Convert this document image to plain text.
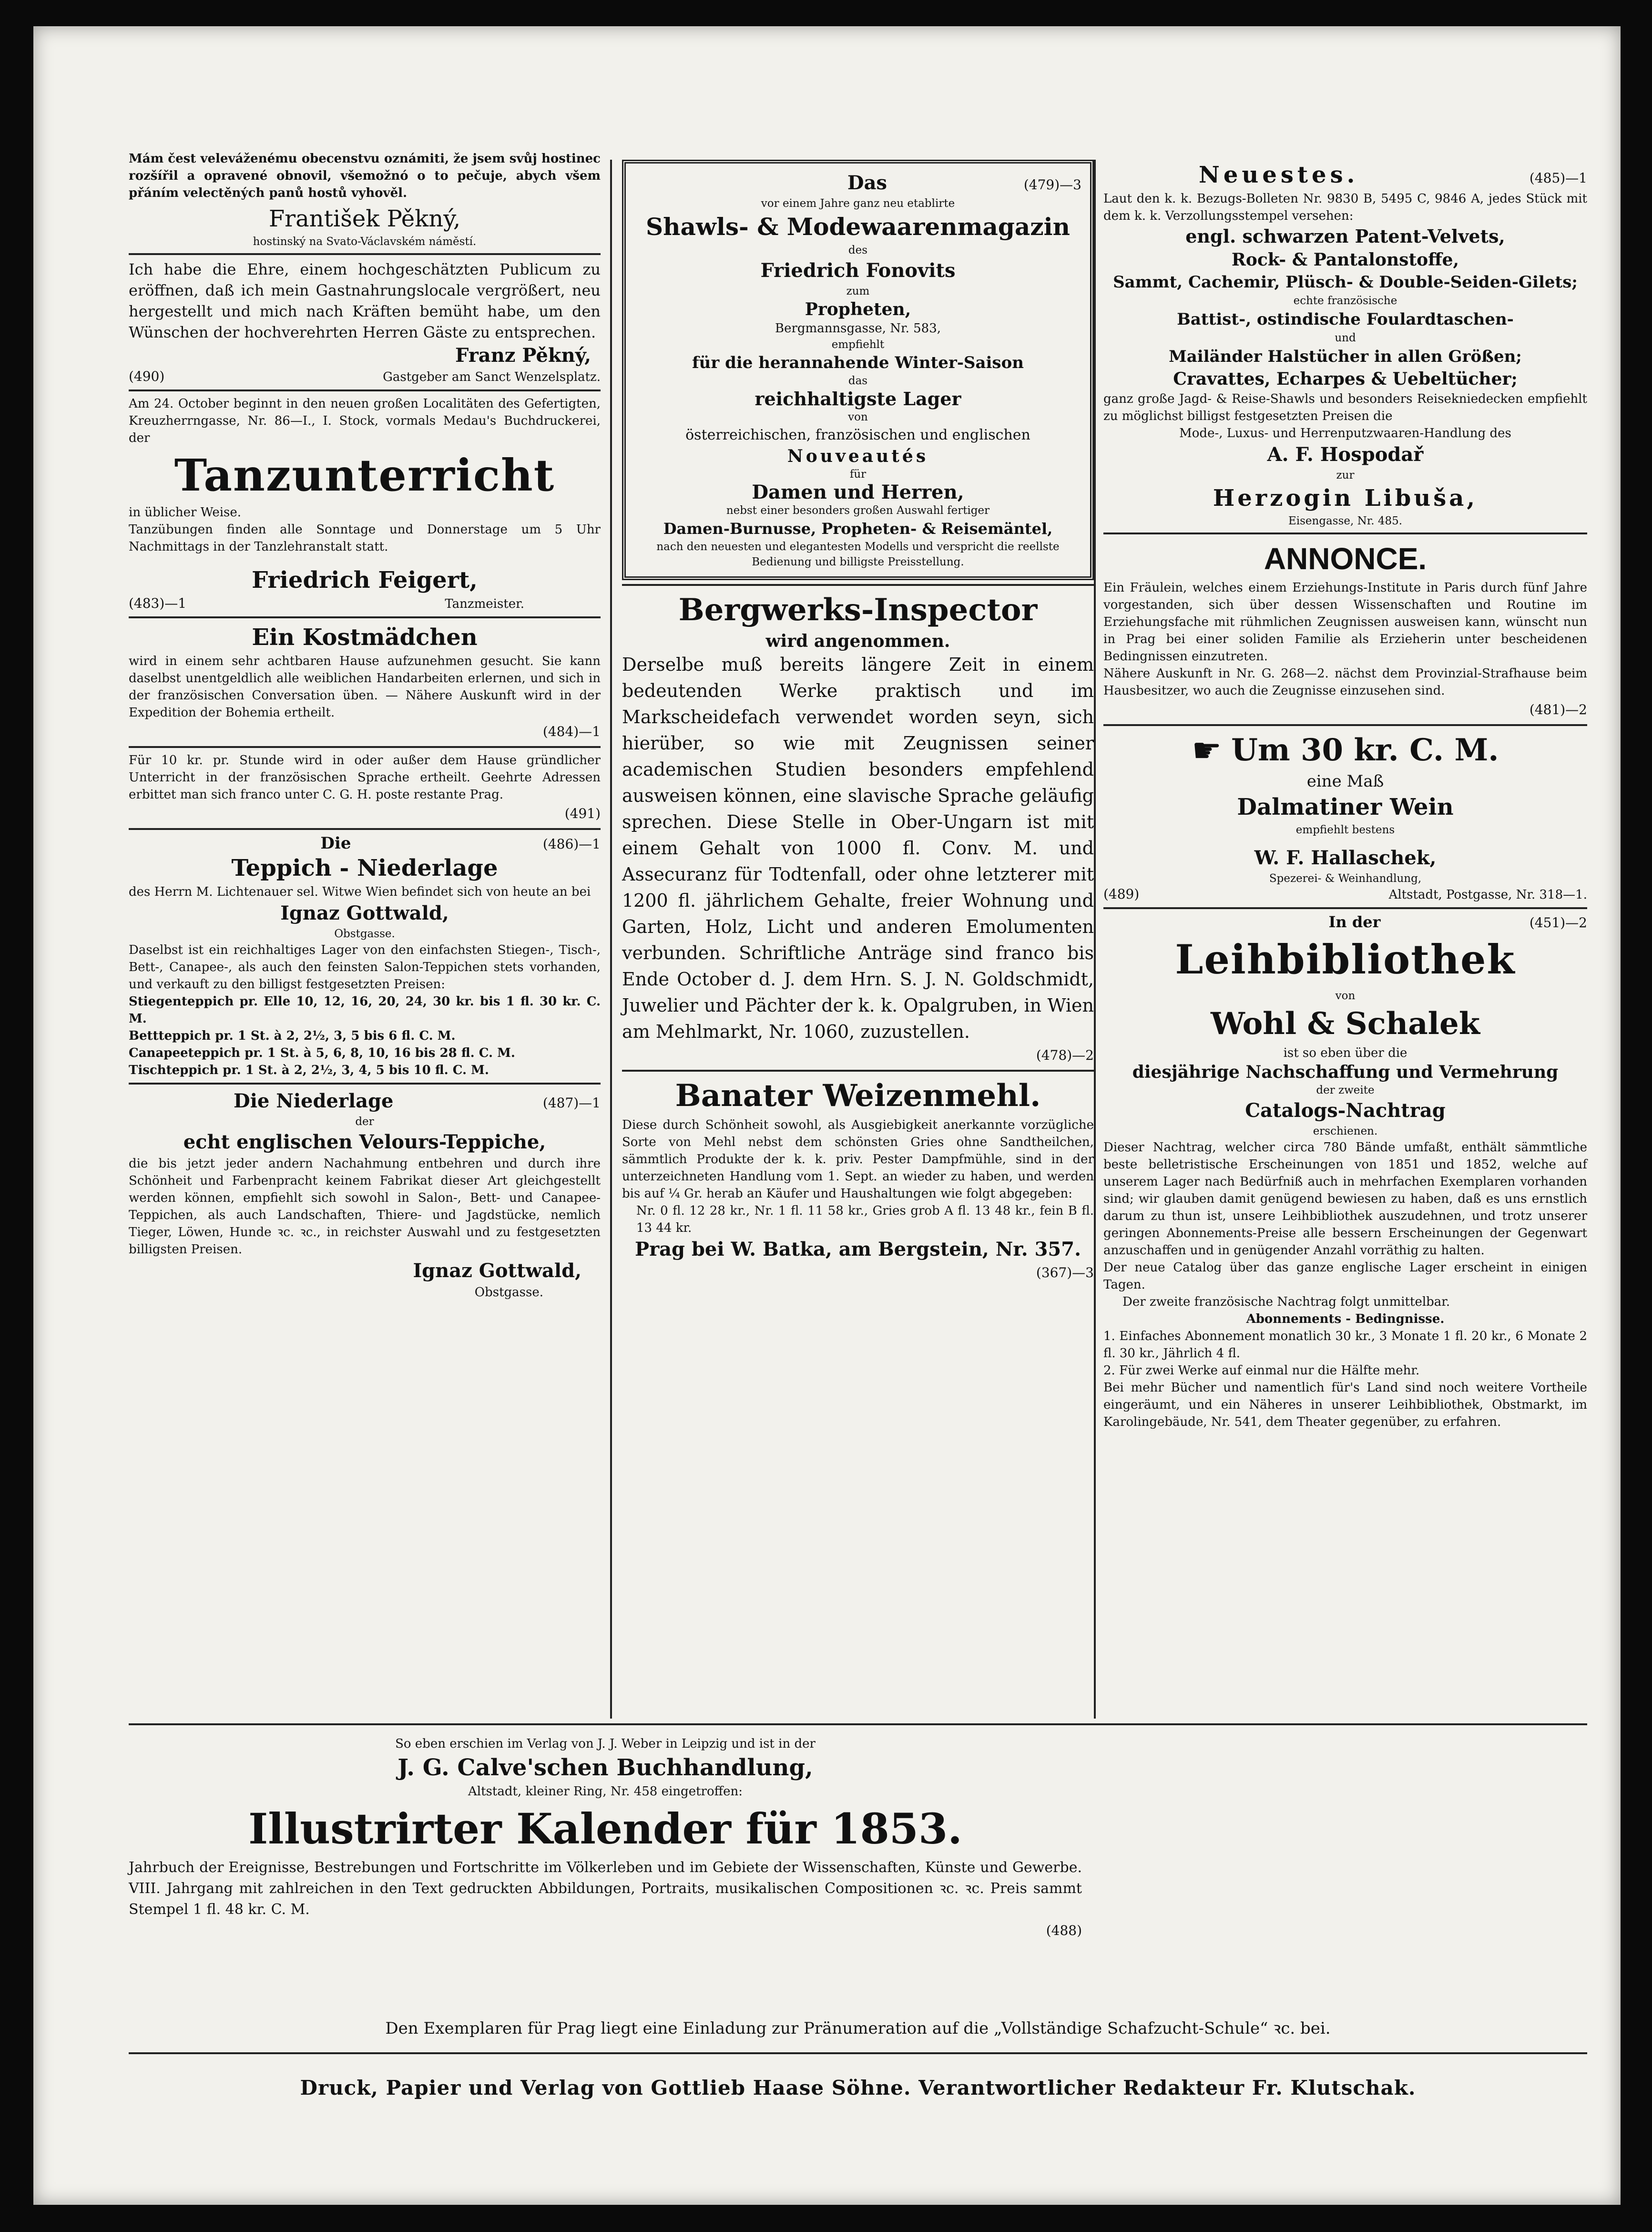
Mám čest veleváženému obecenstvu oznámiti, že jsem svůj hostinec rozšířil a opravené obnovil, všemožnó o to pečuje, abych všem přáním velectěných panů hostů vyhověl.

František Pěkný,

hostinský na Svato-Václavském náměstí.

Ich habe die Ehre, einem hochgeschätzten Publicum zu eröffnen, daß ich mein Gastnahrungslocale vergrößert, neu hergestellt und mich nach Kräften bemüht habe, um den Wünschen der hochverehrten Herren Gäste zu entsprechen.

Franz Pěkný,

(490)	Gastgeber am Sanct Wenzelsplatz.

Am 24. October beginnt in den neuen großen Localitäten des Gefertigten, Kreuzherrngasse, Nr. 86—I., I. Stock, vormals Medau's Buchdruckerei, der

Tanzunterricht

in üblicher Weise.

Tanzübungen finden alle Sonntage und Donnerstage um 5 Uhr Nachmittags in der Tanzlehranstalt statt.

Friedrich Feigert,

(483)—1	Tanzmeister.

Ein Kostmädchen

wird in einem sehr achtbaren Hause aufzunehmen gesucht. Sie kann daselbst unentgeldlich alle weiblichen Handarbeiten erlernen, und sich in der französischen Conversation üben. — Nähere Auskunft wird in der Expedition der Bohemia ertheilt.

(484)—1

Für 10 kr. pr. Stunde wird in oder außer dem Hause gründlicher Unterricht in der französischen Sprache ertheilt. Geehrte Adressen erbittet man sich franco unter C. G. H. poste restante Prag.

(491)

Die	(486)—1

Teppich - Niederlage

des Herrn M. Lichtenauer sel. Witwe Wien befindet sich von heute an bei

Ignaz Gottwald,

Obstgasse.

Daselbst ist ein reichhaltiges Lager von den einfachsten Stiegen-, Tisch-, Bett-, Canapee-, als auch den feinsten Salon-Teppichen stets vorhanden, und verkauft zu den billigst festgesetzten Preisen:

Stiegenteppich pr. Elle 10, 12, 16, 20, 24, 30 kr. bis 1 fl. 30 kr. C. M.

Bettteppich pr. 1 St. à 2, 2½, 3, 5 bis 6 fl. C. M.

Canapeeteppich pr. 1 St. à 5, 6, 8, 10, 16 bis 28 fl. C. M.

Tischteppich pr. 1 St. à 2, 2½, 3, 4, 5 bis 10 fl. C. M.

Die Niederlage	(487)—1

der

echt englischen Velours-Teppiche,

die bis jetzt jeder andern Nachahmung entbehren und durch ihre Schönheit und Farbenpracht keinem Fabrikat dieser Art gleichgestellt werden können, empfiehlt sich sowohl in Salon-, Bett- und Canapee-Teppichen, als auch Landschaften, Thiere- und Jagdstücke, nemlich Tieger, Löwen, Hunde ꝛc. ꝛc., in reichster Auswahl und zu festgesetzten billigsten Preisen.

Ignaz Gottwald,

Obstgasse.

Das	(479)—3

vor einem Jahre ganz neu etablirte

Shawls- & Modewaarenmagazin

des

Friedrich Fonovits

zum

Propheten,

Bergmannsgasse, Nr. 583,

empfiehlt

für die herannahende Winter-Saison

das

reichhaltigste Lager

von

österreichischen, französischen und englischen

Nouveautés

für

Damen und Herren,

nebst einer besonders großen Auswahl fertiger

Damen-Burnusse, Propheten- & Reisemäntel,

nach den neuesten und elegantesten Modells und verspricht die reellste Bedienung und billigste Preisstellung.

Bergwerks-Inspector

wird angenommen.

Derselbe muß bereits längere Zeit in einem bedeutenden Werke praktisch und im Markscheidefach verwendet worden seyn, sich hierüber, so wie mit Zeugnissen seiner academischen Studien besonders empfehlend ausweisen können, eine slavische Sprache geläufig sprechen. Diese Stelle in Ober-Ungarn ist mit einem Gehalt von 1000 fl. Conv. M. und Assecuranz für Todtenfall, oder ohne letzterer mit 1200 fl. jährlichem Gehalte, freier Wohnung und Garten, Holz, Licht und anderen Emolumenten verbunden. Schriftliche Anträge sind franco bis Ende October d. J. dem Hrn. S. J. N. Goldschmidt, Juwelier und Pächter der k. k. Opalgruben, in Wien am Mehlmarkt, Nr. 1060, zuzustellen.

(478)—2

Banater Weizenmehl.

Diese durch Schönheit sowohl, als Ausgiebigkeit anerkannte vorzügliche Sorte von Mehl nebst dem schönsten Gries ohne Sandtheilchen, sämmtlich Produkte der k. k. priv. Pester Dampfmühle, sind in der unterzeichneten Handlung vom 1. Sept. an wieder zu haben, und werden bis auf ¼ Gr. herab an Käufer und Haushaltungen wie folgt abgegeben:

Nr. 0 fl. 12 28 kr., Nr. 1 fl. 11 58 kr., Gries grob A fl. 13 48 kr., fein B fl. 13 44 kr.

Prag bei W. Batka, am Bergstein, Nr. 357.

(367)—3

Neuestes.	(485)—1

Laut den k. k. Bezugs-Bolleten Nr. 9830 B, 5495 C, 9846 A, jedes Stück mit dem k. k. Verzollungsstempel versehen:

engl. schwarzen Patent-Velvets,

Rock- & Pantalonstoffe,

Sammt, Cachemir, Plüsch- & Double-Seiden-Gilets;

echte französische

Battist-, ostindische Foulardtaschen-

und

Mailänder Halstücher in allen Größen;

Cravattes, Echarpes & Uebeltücher;

ganz große Jagd- & Reise-Shawls und besonders Reisekniedecken empfiehlt zu möglichst billigst festgesetzten Preisen die

Mode-, Luxus- und Herrenputzwaaren-Handlung des

A. F. Hospodař

zur

Herzogin Libuša,

Eisengasse, Nr. 485.

ANNONCE.

Ein Fräulein, welches einem Erziehungs-Institute in Paris durch fünf Jahre vorgestanden, sich über dessen Wissenschaften und Routine im Erziehungsfache mit rühmlichen Zeugnissen ausweisen kann, wünscht nun in Prag bei einer soliden Familie als Erzieherin unter bescheidenen Bedingnissen einzutreten.

Nähere Auskunft in Nr. G. 268—2. nächst dem Provinzial-Strafhause beim Hausbesitzer, wo auch die Zeugnisse einzusehen sind.

(481)—2

☛ Um 30 kr. C. M.

eine Maß

Dalmatiner Wein

empfiehlt bestens

W. F. Hallaschek,

Spezerei- & Weinhandlung,

(489)	Altstadt, Postgasse, Nr. 318—1.
In der	(451)—2

Leihbibliothek

von

Wohl & Schalek

ist so eben über die

diesjährige Nachschaffung und Vermehrung

der zweite

Catalogs-Nachtrag

erschienen.

Dieser Nachtrag, welcher circa 780 Bände umfaßt, enthält sämmtliche beste belletristische Erscheinungen von 1851 und 1852, welche auf unserem Lager nach Bedürfniß auch in mehrfachen Exemplaren vorhanden sind; wir glauben damit genügend bewiesen zu haben, daß es uns ernstlich darum zu thun ist, unsere Leihbibliothek auszudehnen, und trotz unserer geringen Abonnements-Preise alle bessern Erscheinungen der Gegenwart anzuschaffen und in genügender Anzahl vorräthig zu halten.

Der neue Catalog über das ganze englische Lager erscheint in einigen Tagen.

Der zweite französische Nachtrag folgt unmittelbar.

Abonnements - Bedingnisse.

1. Einfaches Abonnement monatlich 30 kr., 3 Monate 1 fl. 20 kr., 6 Monate 2 fl. 30 kr., Jährlich 4 fl.

2. Für zwei Werke auf einmal nur die Hälfte mehr.

Bei mehr Bücher und namentlich für's Land sind noch weitere Vortheile eingeräumt, und ein Näheres in unserer Leihbibliothek, Obstmarkt, im Karolingebäude, Nr. 541, dem Theater gegenüber, zu erfahren.

So eben erschien im Verlag von J. J. Weber in Leipzig und ist in der

J. G. Calve'schen Buchhandlung,

Altstadt, kleiner Ring, Nr. 458 eingetroffen:

Illustrirter Kalender für 1853.

Jahrbuch der Ereignisse, Bestrebungen und Fortschritte im Völkerleben und im Gebiete der Wissenschaften, Künste und Gewerbe. VIII. Jahrgang mit zahlreichen in den Text gedruckten Abbildungen, Portraits, musikalischen Compositionen ꝛc. ꝛc. Preis sammt Stempel 1 fl. 48 kr. C. M.

(488)

Den Exemplaren für Prag liegt eine Einladung zur Pränumeration auf die „Vollständige Schafzucht-Schule“ ꝛc. bei.
Druck, Papier und Verlag von Gottlieb Haase Söhne. Verantwortlicher Redakteur Fr. Klutschak.
